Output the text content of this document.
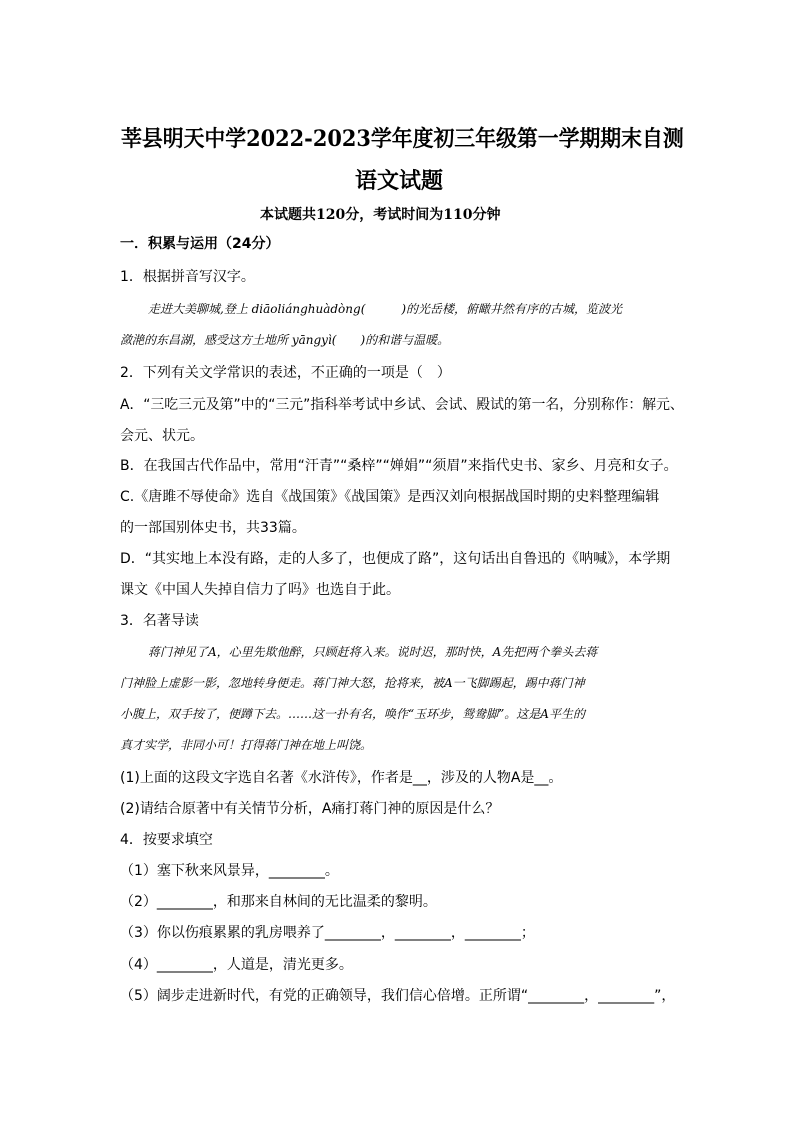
莘县明天中学2022-2023学年度初三年级第一学期期末自测
语文试题
本试题共120分，考试时间为110分钟
一．积累与运用（24分）
1．根据拼音写汉字。
走进大美聊城,登上 diāoliánghuàdòng(　　　)的光岳楼，俯瞰井然有序的古城，览波光
潋滟的东昌湖，感受这方土地所 yāngyì(　　)的和谐与温暖。
2．下列有关文学常识的表述，不正确的一项是（　）
A．“三吃三元及第”中的“三元”指科举考试中乡试、会试、殿试的第一名，分别称作：解元、
会元、状元。
B．在我国古代作品中，常用“汗青”“桑梓”“婵娟”“须眉”来指代史书、家乡、月亮和女子。
C.《唐雎不辱使命》选自《战国策》《战国策》是西汉刘向根据战国时期的史料整理编辑
的一部国别体史书，共33篇。
D．“其实地上本没有路，走的人多了，也便成了路”，这句话出自鲁迅的《呐喊》，本学期
课文《中国人失掉自信力了吗》也选自于此。
3．名著导读
蒋门神见了A，心里先欺他醉，只顾赶将入来。说时迟，那时快，A先把两个拳头去蒋
门神脸上虚影一影，忽地转身便走。蒋门神大怒，抢将来，被A一飞脚踢起，踢中蒋门神
小腹上，双手按了，便蹲下去。……这一扑有名，唤作“玉环步，鸳鸯脚”。这是A平生的
真才实学，非同小可！打得蒋门神在地上叫饶。
(1)上面的这段文字选自名著《水浒传》，作者是__，涉及的人物A是__。
(2)请结合原著中有关情节分析，A痛打蒋门神的原因是什么？
4．按要求填空
（1）塞下秋来风景异，________。
（2）________，和那来自林间的无比温柔的黎明。
（3）你以伤痕累累的乳房喂养了________，________，________；
（4）________，人道是，清光更多。
（5）阔步走进新时代，有党的正确领导，我们信心倍增。正所谓“________，________”，
